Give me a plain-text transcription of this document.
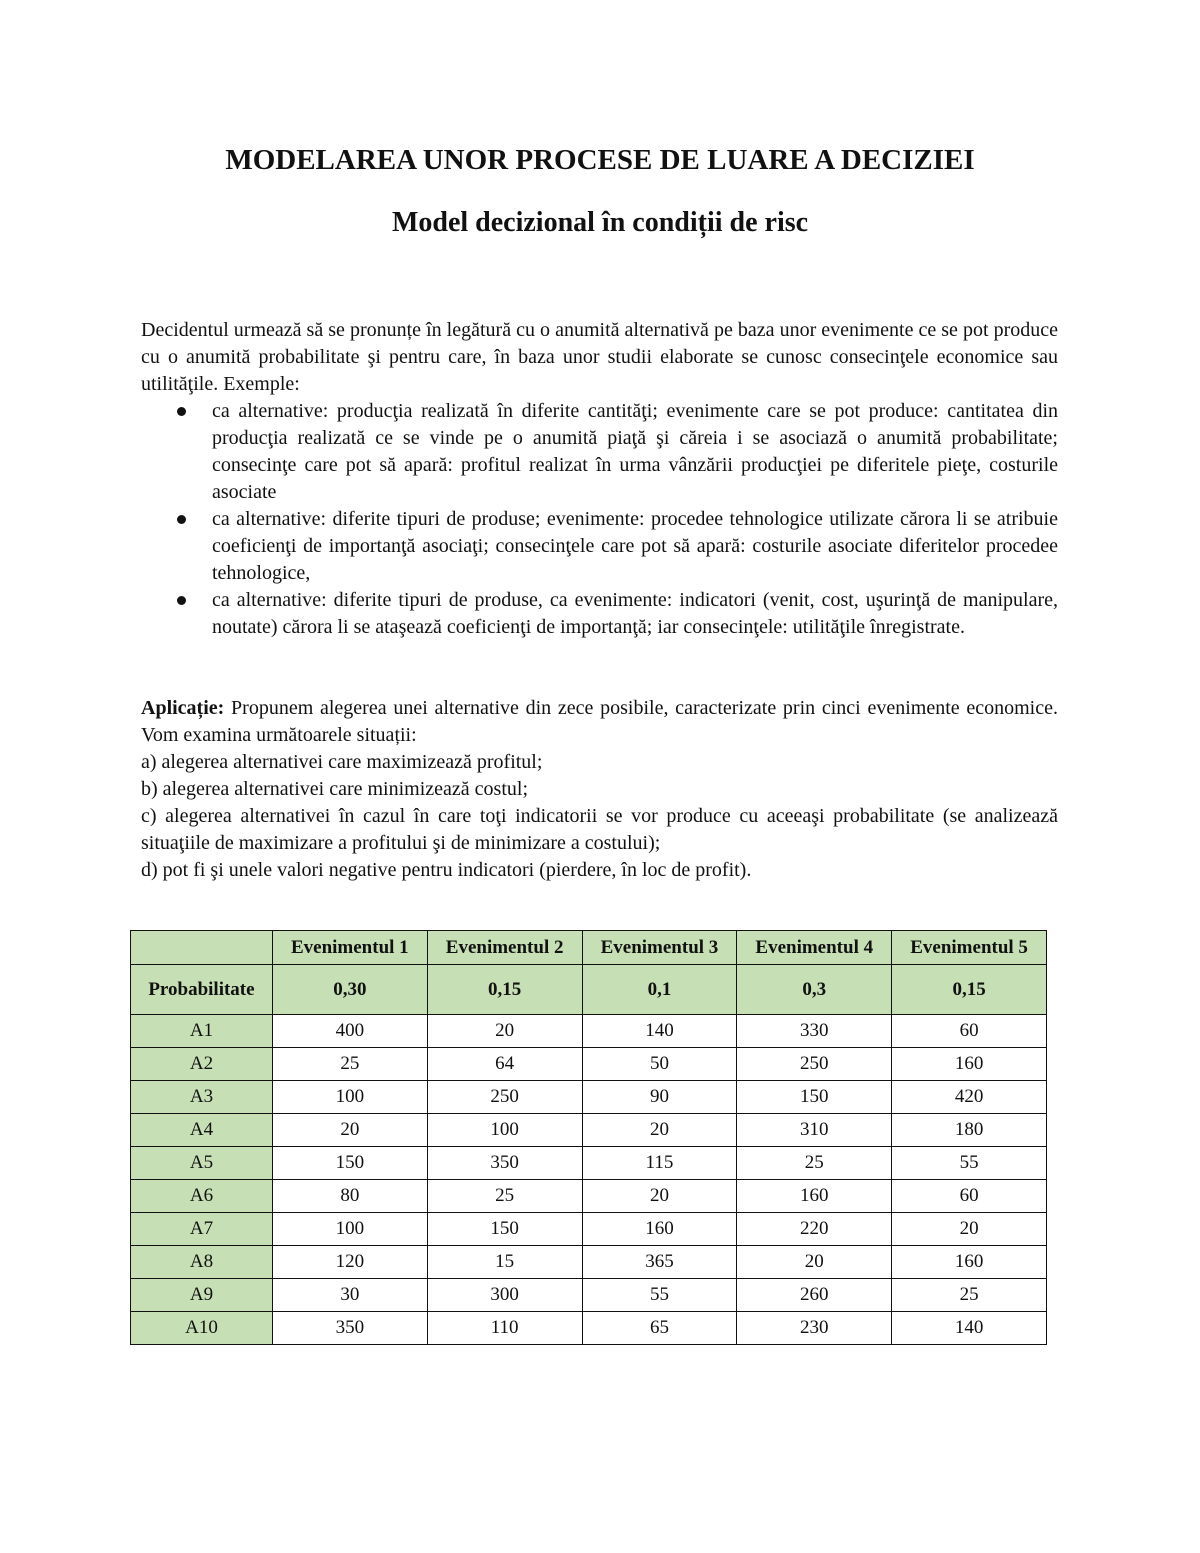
MODELAREA UNOR PROCESE DE LUARE A DECIZIEI
Model decizional în condiții de risc

Decidentul urmează să se pronunțe în legătură cu o anumită alternativă pe baza unor evenimente ce se pot produce cu o anumită probabilitate şi pentru care, în baza unor studii elaborate se cunosc consecinţele economice sau utilităţile. Exemple:

ca alternative: producţia realizată în diferite cantităţi; evenimente care se pot produce: cantitatea din producţia realizată ce se vinde pe o anumită piaţă şi căreia i se asociază o anumită probabilitate; consecinţe care pot să apară: profitul realizat în urma vânzării producţiei pe diferitele pieţe, costurile asociate
ca alternative: diferite tipuri de produse; evenimente: procedee tehnologice utilizate cărora li se atribuie coeficienţi de importanţă asociaţi; consecinţele care pot să apară: costurile asociate diferitelor procedee tehnologice,
ca alternative: diferite tipuri de produse, ca evenimente: indicatori (venit, cost, uşurinţă de manipulare, noutate) cărora li se ataşează coeficienţi de importanţă; iar consecinţele: utilităţile înregistrate.

Aplicație: Propunem alegerea unei alternative din zece posibile, caracterizate prin cinci evenimente economice. Vom examina următoarele situații:

a) alegerea alternativei care maximizează profitul;

b) alegerea alternativei care minimizează costul;

c) alegerea alternativei în cazul în care toţi indicatorii se vor produce cu aceeaşi probabilitate (se analizează situaţiile de maximizare a profitului şi de minimizare a costului);

d) pot fi şi unele valori negative pentru indicatori (pierdere, în loc de profit).

	Evenimentul 1	Evenimentul 2	Evenimentul 3	Evenimentul 4	Evenimentul 5
Probabilitate	0,30	0,15	0,1	0,3	0,15
A1	400	20	140	330	60
A2	25	64	50	250	160
A3	100	250	90	150	420
A4	20	100	20	310	180
A5	150	350	115	25	55
A6	80	25	20	160	60
A7	100	150	160	220	20
A8	120	15	365	20	160
A9	30	300	55	260	25
A10	350	110	65	230	140
